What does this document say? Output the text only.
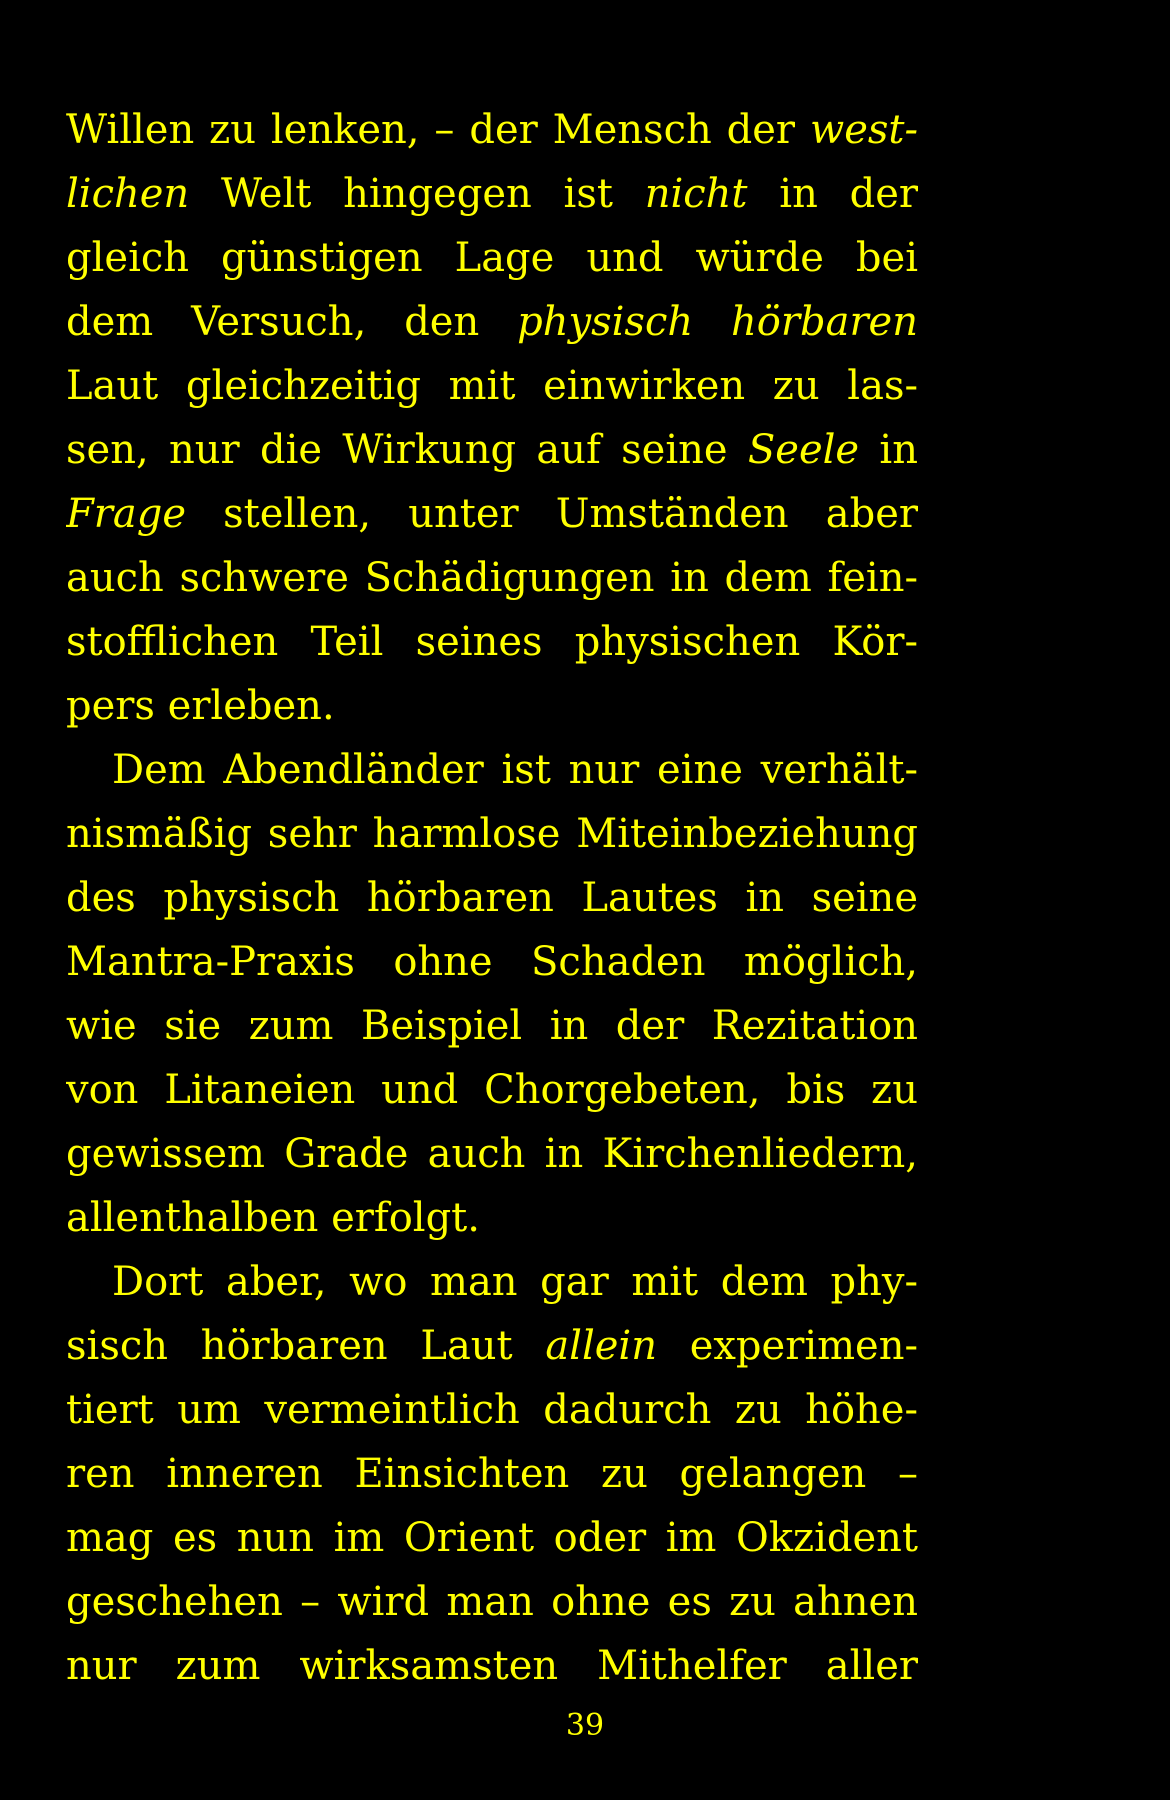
Willen zu lenken, – der Mensch der west-
lichen Welt hingegen ist nicht in der
gleich günstigen Lage und würde bei
dem Versuch, den physisch hörbaren
Laut gleichzeitig mit einwirken zu las-
sen, nur die Wirkung auf seine Seele in
Frage stellen, unter Umständen aber
auch schwere Schädigungen in dem fein-
stofflichen Teil seines physischen Kör-
pers erleben.
Dem Abendländer ist nur eine verhält-
nismäßig sehr harmlose Miteinbeziehung
des physisch hörbaren Lautes in seine
Mantra-Praxis ohne Schaden möglich,
wie sie zum Beispiel in der Rezitation
von Litaneien und Chorgebeten, bis zu
gewissem Grade auch in Kirchenliedern,
allenthalben erfolgt.
Dort aber, wo man gar mit dem phy-
sisch hörbaren Laut allein experimen-
tiert um vermeintlich dadurch zu höhe-
ren inneren Einsichten zu gelangen –
mag es nun im Orient oder im Okzident
geschehen – wird man ohne es zu ahnen
nur zum wirksamsten Mithelfer aller
39
